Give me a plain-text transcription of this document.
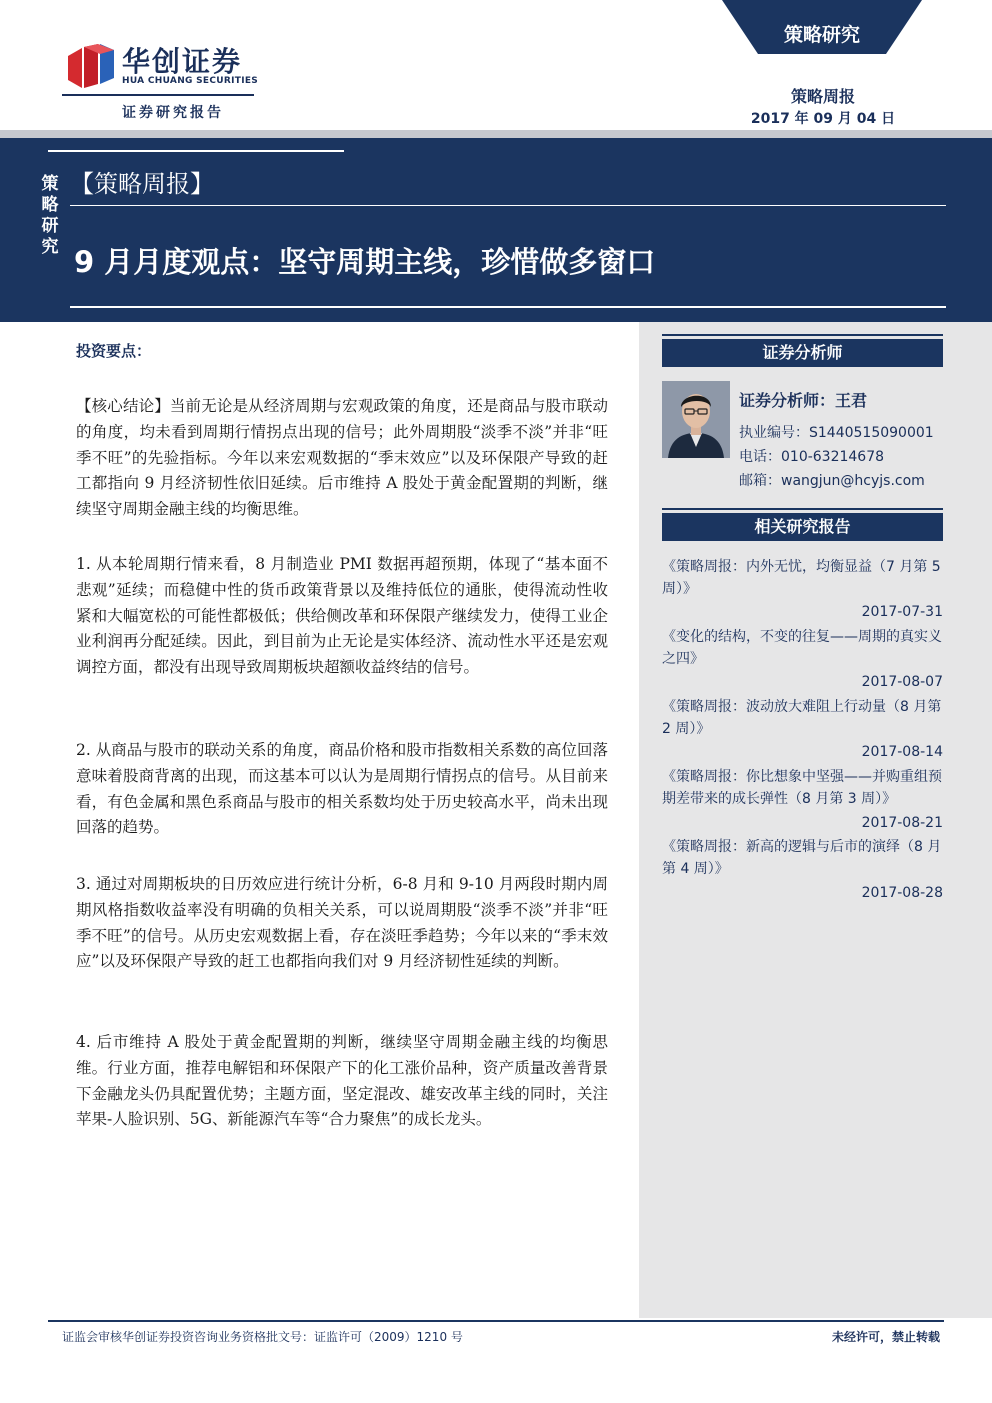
华创证券
HUA CHUANG SECURITIES
证券研究报告
策略研究
策略周报
2017 年 09 月 04 日
策略研究
【策略周报】
9 月月度观点：坚守周期主线，珍惜做多窗口
证券分析师
证券分析师：王君
执业编号：S1440515090001
电话：010-63214678
邮箱：wangjun@hcyjs.com
相关研究报告
《策略周报：内外无忧，均衡显益（7 月第 5 周）》
2017-07-31
《变化的结构，不变的往复——周期的真实义之四》
2017-08-07
《策略周报：波动放大难阻上行动量（8 月第 2 周）》
2017-08-14
《策略周报：你比想象中坚强——并购重组预期差带来的成长弹性（8 月第 3 周）》
2017-08-21
《策略周报：新高的逻辑与后市的演绎（8 月第 4 周）》
2017-08-28
投资要点：
【核心结论】当前无论是从经济周期与宏观政策的角度，还是商品与股市联动的角度，均未看到周期行情拐点出现的信号；此外周期股“淡季不淡”并非“旺季不旺”的先验指标。今年以来宏观数据的“季末效应”以及环保限产导致的赶工都指向 9 月经济韧性依旧延续。后市维持 A 股处于黄金配置期的判断，继续坚守周期金融主线的均衡思维。
1. 从本轮周期行情来看，8 月制造业 PMI 数据再超预期，体现了“基本面不悲观”延续；而稳健中性的货币政策背景以及维持低位的通胀，使得流动性收紧和大幅宽松的可能性都极低；供给侧改革和环保限产继续发力，使得工业企业利润再分配延续。因此，到目前为止无论是实体经济、流动性水平还是宏观调控方面，都没有出现导致周期板块超额收益终结的信号。
2. 从商品与股市的联动关系的角度，商品价格和股市指数相关系数的高位回落意味着股商背离的出现，而这基本可以认为是周期行情拐点的信号。从目前来看，有色金属和黑色系商品与股市的相关系数均处于历史较高水平，尚未出现回落的趋势。
3. 通过对周期板块的日历效应进行统计分析，6-8 月和 9-10 月两段时期内周期风格指数收益率没有明确的负相关关系，可以说周期股“淡季不淡”并非“旺季不旺”的信号。从历史宏观数据上看，存在淡旺季趋势；今年以来的“季末效应”以及环保限产导致的赶工也都指向我们对 9 月经济韧性延续的判断。
4. 后市维持 A 股处于黄金配置期的判断，继续坚守周期金融主线的均衡思维。行业方面，推荐电解铝和环保限产下的化工涨价品种，资产质量改善背景下金融龙头仍具配置优势；主题方面，坚定混改、雄安改革主线的同时，关注苹果-人脸识别、5G、新能源汽车等“合力聚焦”的成长龙头。
证监会审核华创证券投资咨询业务资格批文号：证监许可（2009）1210 号	未经许可，禁止转载
